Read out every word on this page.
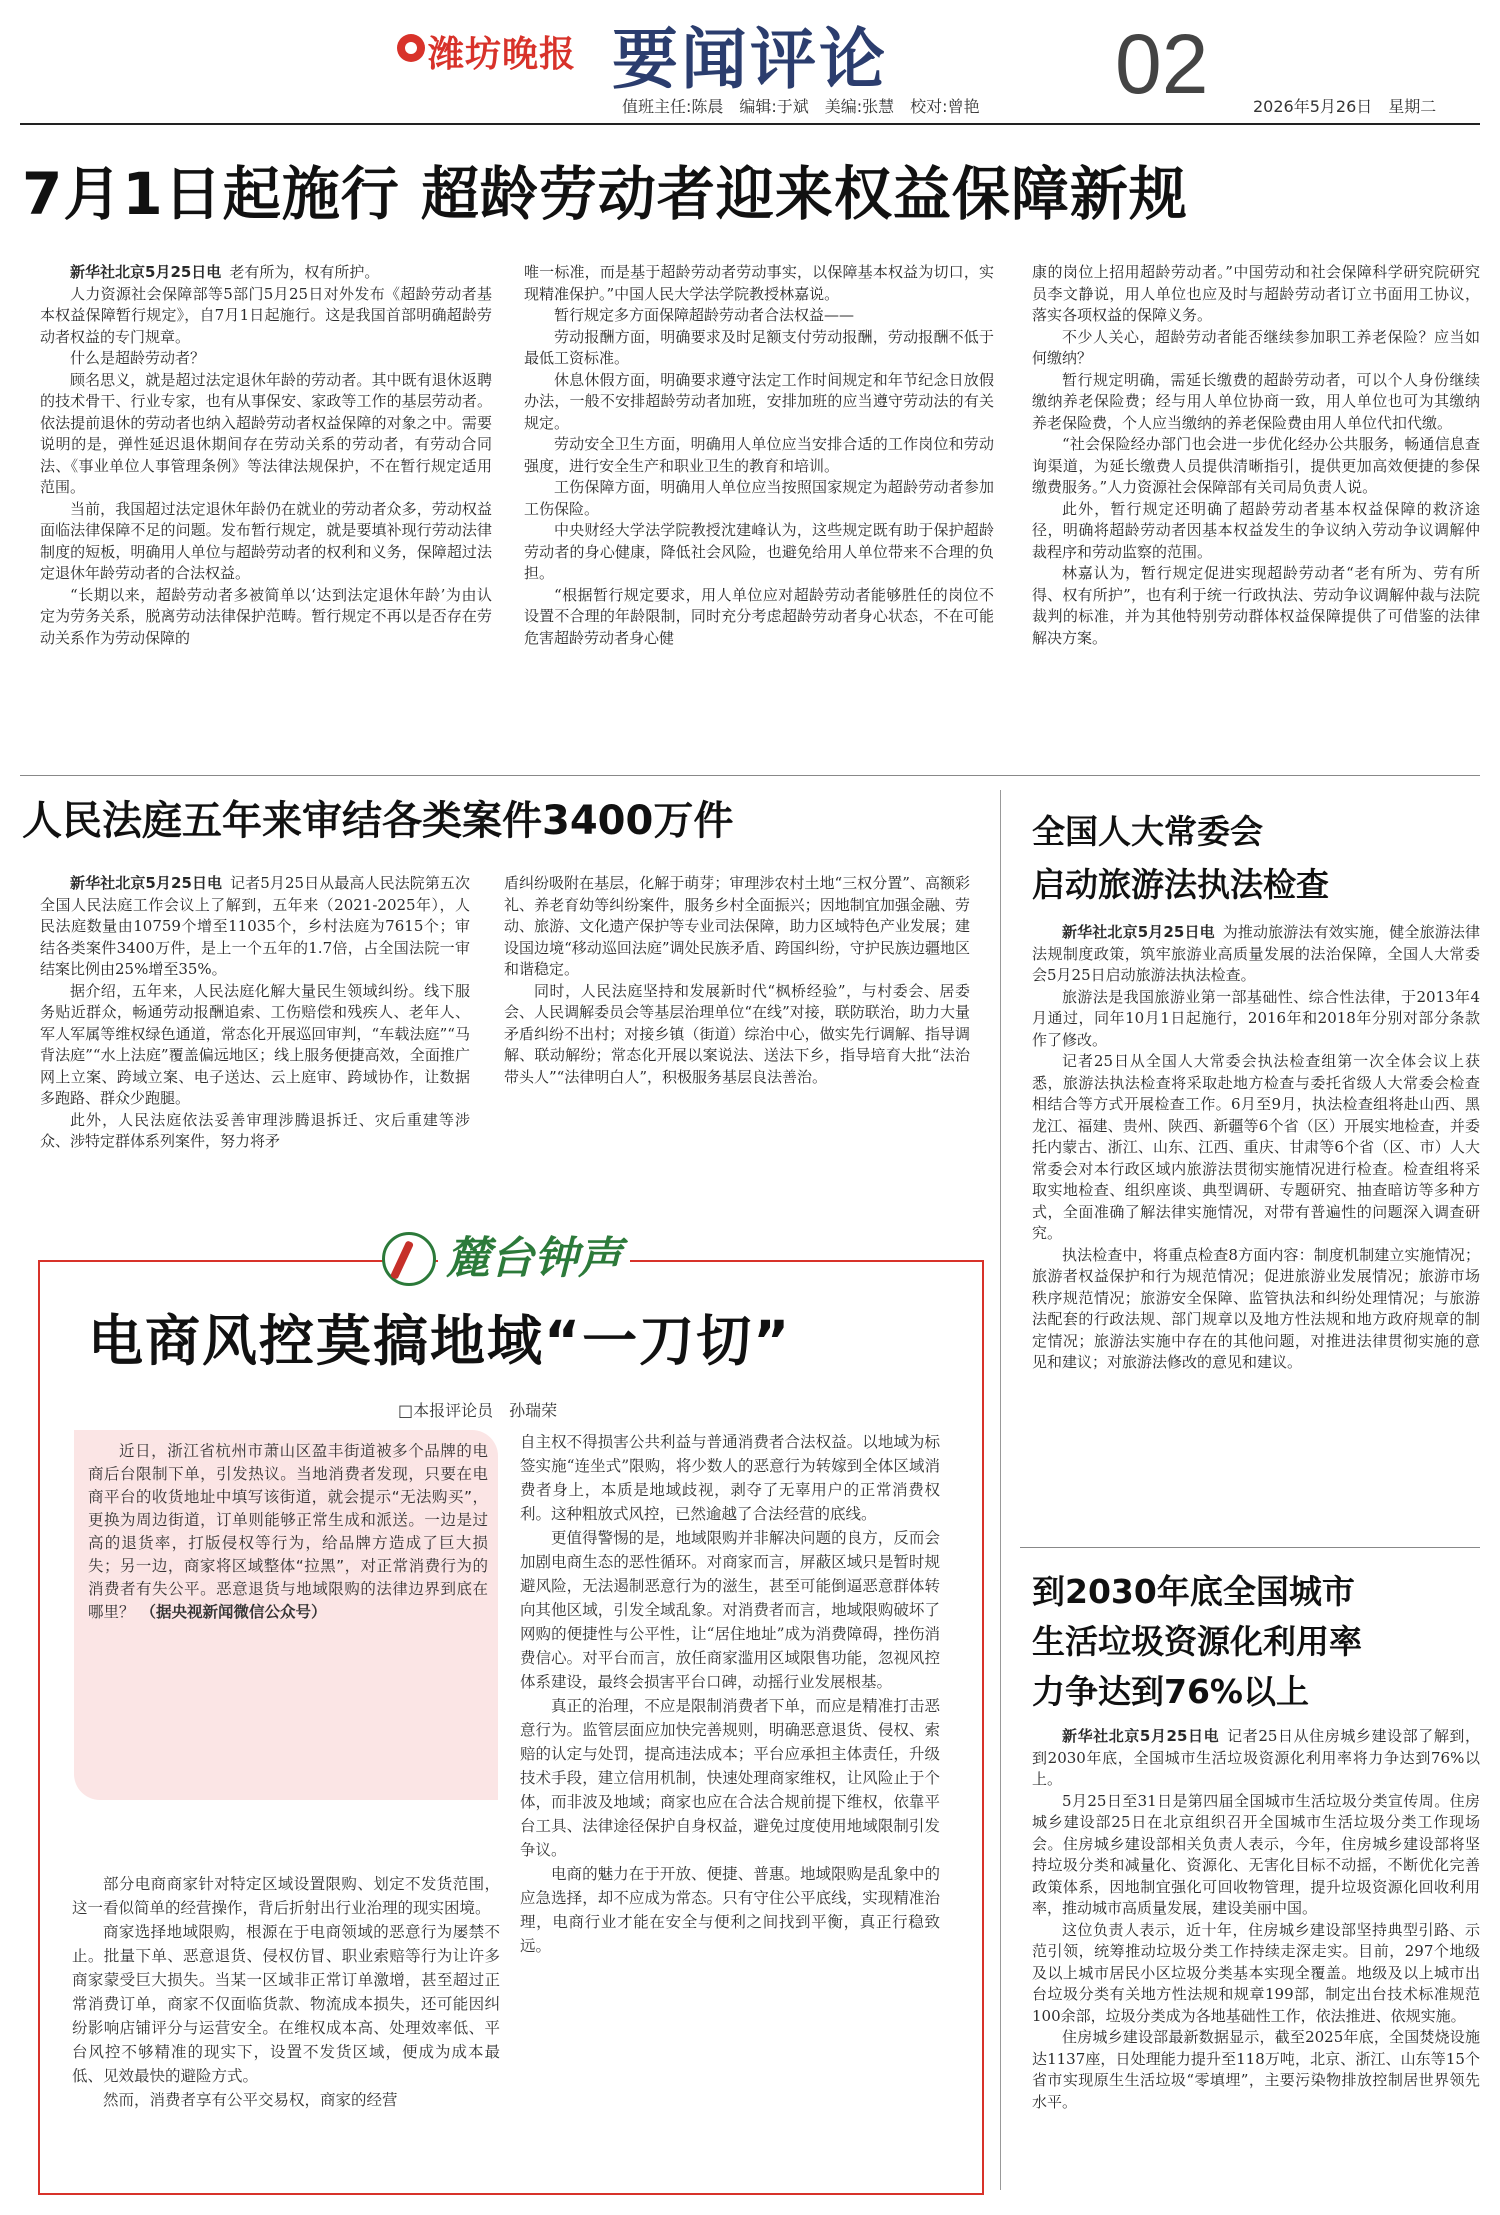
潍坊晚报 要闻评论	02
值班主任:陈晨　编辑:于斌　美编:张慧　校对:曾艳	2026年5月26日　星期二
7月1日起施行 超龄劳动者迎来权益保障新规

新华社北京5月25日电 老有所为，权有所护。

人力资源社会保障部等5部门5月25日对外发布《超龄劳动者基本权益保障暂行规定》，自7月1日起施行。这是我国首部明确超龄劳动者权益的专门规章。

什么是超龄劳动者？

顾名思义，就是超过法定退休年龄的劳动者。其中既有退休返聘的技术骨干、行业专家，也有从事保安、家政等工作的基层劳动者。依法提前退休的劳动者也纳入超龄劳动者权益保障的对象之中。需要说明的是，弹性延迟退休期间存在劳动关系的劳动者，有劳动合同法、《事业单位人事管理条例》等法律法规保护，不在暂行规定适用范围。

当前，我国超过法定退休年龄仍在就业的劳动者众多，劳动权益面临法律保障不足的问题。发布暂行规定，就是要填补现行劳动法律制度的短板，明确用人单位与超龄劳动者的权利和义务，保障超过法定退休年龄劳动者的合法权益。

“长期以来，超龄劳动者多被简单以‘达到法定退休年龄’为由认定为劳务关系，脱离劳动法律保护范畴。暂行规定不再以是否存在劳动关系作为劳动保障的

唯一标准，而是基于超龄劳动者劳动事实，以保障基本权益为切口，实现精准保护。”中国人民大学法学院教授林嘉说。

暂行规定多方面保障超龄劳动者合法权益——

劳动报酬方面，明确要求及时足额支付劳动报酬，劳动报酬不低于最低工资标准。

休息休假方面，明确要求遵守法定工作时间规定和年节纪念日放假办法，一般不安排超龄劳动者加班，安排加班的应当遵守劳动法的有关规定。

劳动安全卫生方面，明确用人单位应当安排合适的工作岗位和劳动强度，进行安全生产和职业卫生的教育和培训。

工伤保障方面，明确用人单位应当按照国家规定为超龄劳动者参加工伤保险。

中央财经大学法学院教授沈建峰认为，这些规定既有助于保护超龄劳动者的身心健康，降低社会风险，也避免给用人单位带来不合理的负担。

“根据暂行规定要求，用人单位应对超龄劳动者能够胜任的岗位不设置不合理的年龄限制，同时充分考虑超龄劳动者身心状态，不在可能危害超龄劳动者身心健

康的岗位上招用超龄劳动者。”中国劳动和社会保障科学研究院研究员李文静说，用人单位也应及时与超龄劳动者订立书面用工协议，落实各项权益的保障义务。

不少人关心，超龄劳动者能否继续参加职工养老保险？应当如何缴纳？

暂行规定明确，需延长缴费的超龄劳动者，可以个人身份继续缴纳养老保险费；经与用人单位协商一致，用人单位也可为其缴纳养老保险费，个人应当缴纳的养老保险费由用人单位代扣代缴。

“社会保险经办部门也会进一步优化经办公共服务，畅通信息查询渠道，为延长缴费人员提供清晰指引，提供更加高效便捷的参保缴费服务。”人力资源社会保障部有关司局负责人说。

此外，暂行规定还明确了超龄劳动者基本权益保障的救济途径，明确将超龄劳动者因基本权益发生的争议纳入劳动争议调解仲裁程序和劳动监察的范围。

林嘉认为，暂行规定促进实现超龄劳动者“老有所为、劳有所得、权有所护”，也有利于统一行政执法、劳动争议调解仲裁与法院裁判的标准，并为其他特别劳动群体权益保障提供了可借鉴的法律解决方案。

人民法庭五年来审结各类案件3400万件

新华社北京5月25日电 记者5月25日从最高人民法院第五次全国人民法庭工作会议上了解到，五年来（2021-2025年），人民法庭数量由10759个增至11035个，乡村法庭为7615个；审结各类案件3400万件，是上一个五年的1.7倍，占全国法院一审结案比例由25%增至35%。

据介绍，五年来，人民法庭化解大量民生领域纠纷。线下服务贴近群众，畅通劳动报酬追索、工伤赔偿和残疾人、老年人、军人军属等维权绿色通道，常态化开展巡回审判，“车载法庭”“马背法庭”“水上法庭”覆盖偏远地区；线上服务便捷高效，全面推广网上立案、跨域立案、电子送达、云上庭审、跨域协作，让数据多跑路、群众少跑腿。

此外，人民法庭依法妥善审理涉腾退拆迁、灾后重建等涉众、涉特定群体系列案件，努力将矛

盾纠纷吸附在基层，化解于萌芽；审理涉农村土地“三权分置”、高额彩礼、养老育幼等纠纷案件，服务乡村全面振兴；因地制宜加强金融、劳动、旅游、文化遗产保护等专业司法保障，助力区域特色产业发展；建设国边境“移动巡回法庭”调处民族矛盾、跨国纠纷，守护民族边疆地区和谐稳定。

同时，人民法庭坚持和发展新时代“枫桥经验”，与村委会、居委会、人民调解委员会等基层治理单位“在线”对接，联防联治，助力大量矛盾纠纷不出村；对接乡镇（街道）综治中心，做实先行调解、指导调解、联动解纷；常态化开展以案说法、送法下乡，指导培育大批“法治带头人”“法律明白人”，积极服务基层良法善治。

全国人大常委会
启动旅游法执法检查

新华社北京5月25日电 为推动旅游法有效实施，健全旅游法律法规制度政策，筑牢旅游业高质量发展的法治保障，全国人大常委会5月25日启动旅游法执法检查。

旅游法是我国旅游业第一部基础性、综合性法律，于2013年4月通过，同年10月1日起施行，2016年和2018年分别对部分条款作了修改。

记者25日从全国人大常委会执法检查组第一次全体会议上获悉，旅游法执法检查将采取赴地方检查与委托省级人大常委会检查相结合等方式开展检查工作。6月至9月，执法检查组将赴山西、黑龙江、福建、贵州、陕西、新疆等6个省（区）开展实地检查，并委托内蒙古、浙江、山东、江西、重庆、甘肃等6个省（区、市）人大常委会对本行政区域内旅游法贯彻实施情况进行检查。检查组将采取实地检查、组织座谈、典型调研、专题研究、抽查暗访等多种方式，全面准确了解法律实施情况，对带有普遍性的问题深入调查研究。

执法检查中，将重点检查8方面内容：制度机制建立实施情况；旅游者权益保护和行为规范情况；促进旅游业发展情况；旅游市场秩序规范情况；旅游安全保障、监管执法和纠纷处理情况；与旅游法配套的行政法规、部门规章以及地方性法规和地方政府规章的制定情况；旅游法实施中存在的其他问题，对推进法律贯彻实施的意见和建议；对旅游法修改的意见和建议。

到2030年底全国城市
生活垃圾资源化利用率
力争达到76%以上

新华社北京5月25日电 记者25日从住房城乡建设部了解到，到2030年底，全国城市生活垃圾资源化利用率将力争达到76%以上。

5月25日至31日是第四届全国城市生活垃圾分类宣传周。住房城乡建设部25日在北京组织召开全国城市生活垃圾分类工作现场会。住房城乡建设部相关负责人表示，今年，住房城乡建设部将坚持垃圾分类和减量化、资源化、无害化目标不动摇，不断优化完善政策体系，因地制宜强化可回收物管理，提升垃圾资源化回收利用率，推动城市高质量发展，建设美丽中国。

这位负责人表示，近十年，住房城乡建设部坚持典型引路、示范引领，统筹推动垃圾分类工作持续走深走实。目前，297个地级及以上城市居民小区垃圾分类基本实现全覆盖。地级及以上城市出台垃圾分类有关地方性法规和规章199部，制定出台技术标准规范100余部，垃圾分类成为各地基础性工作，依法推进、依规实施。

住房城乡建设部最新数据显示，截至2025年底，全国焚烧设施达1137座，日处理能力提升至118万吨，北京、浙江、山东等15个省市实现原生生活垃圾“零填埋”，主要污染物排放控制居世界领先水平。

麓台钟声
电商风控莫搞地域“一刀切”
□本报评论员　孙瑞荣
近日，浙江省杭州市萧山区盈丰街道被多个品牌的电商后台限制下单，引发热议。当地消费者发现，只要在电商平台的收货地址中填写该街道，就会提示“无法购买”，更换为周边街道，订单则能够正常生成和派送。一边是过高的退货率，打版侵权等行为，给品牌方造成了巨大损失；另一边，商家将区域整体“拉黑”，对正常消费行为的消费者有失公平。恶意退货与地域限购的法律边界到底在哪里？ （据央视新闻微信公众号）

部分电商商家针对特定区域设置限购、划定不发货范围，这一看似简单的经营操作，背后折射出行业治理的现实困境。

商家选择地域限购，根源在于电商领域的恶意行为屡禁不止。批量下单、恶意退货、侵权仿冒、职业索赔等行为让许多商家蒙受巨大损失。当某一区域非正常订单激增，甚至超过正常消费订单，商家不仅面临货款、物流成本损失，还可能因纠纷影响店铺评分与运营安全。在维权成本高、处理效率低、平台风控不够精准的现实下，设置不发货区域，便成为成本最低、见效最快的避险方式。

然而，消费者享有公平交易权，商家的经营

自主权不得损害公共利益与普通消费者合法权益。以地域为标签实施“连坐式”限购，将少数人的恶意行为转嫁到全体区域消费者身上，本质是地域歧视，剥夺了无辜用户的正常消费权利。这种粗放式风控，已然逾越了合法经营的底线。

更值得警惕的是，地域限购并非解决问题的良方，反而会加剧电商生态的恶性循环。对商家而言，屏蔽区域只是暂时规避风险，无法遏制恶意行为的滋生，甚至可能倒逼恶意群体转向其他区域，引发全域乱象。对消费者而言，地域限购破坏了网购的便捷性与公平性，让“居住地址”成为消费障碍，挫伤消费信心。对平台而言，放任商家滥用区域限售功能，忽视风控体系建设，最终会损害平台口碑，动摇行业发展根基。

真正的治理，不应是限制消费者下单，而应是精准打击恶意行为。监管层面应加快完善规则，明确恶意退货、侵权、索赔的认定与处罚，提高违法成本；平台应承担主体责任，升级技术手段，建立信用机制，快速处理商家维权，让风险止于个体，而非波及地域；商家也应在合法合规前提下维权，依靠平台工具、法律途径保护自身权益，避免过度使用地域限制引发争议。

电商的魅力在于开放、便捷、普惠。地域限购是乱象中的应急选择，却不应成为常态。只有守住公平底线，实现精准治理，电商行业才能在安全与便利之间找到平衡，真正行稳致远。
